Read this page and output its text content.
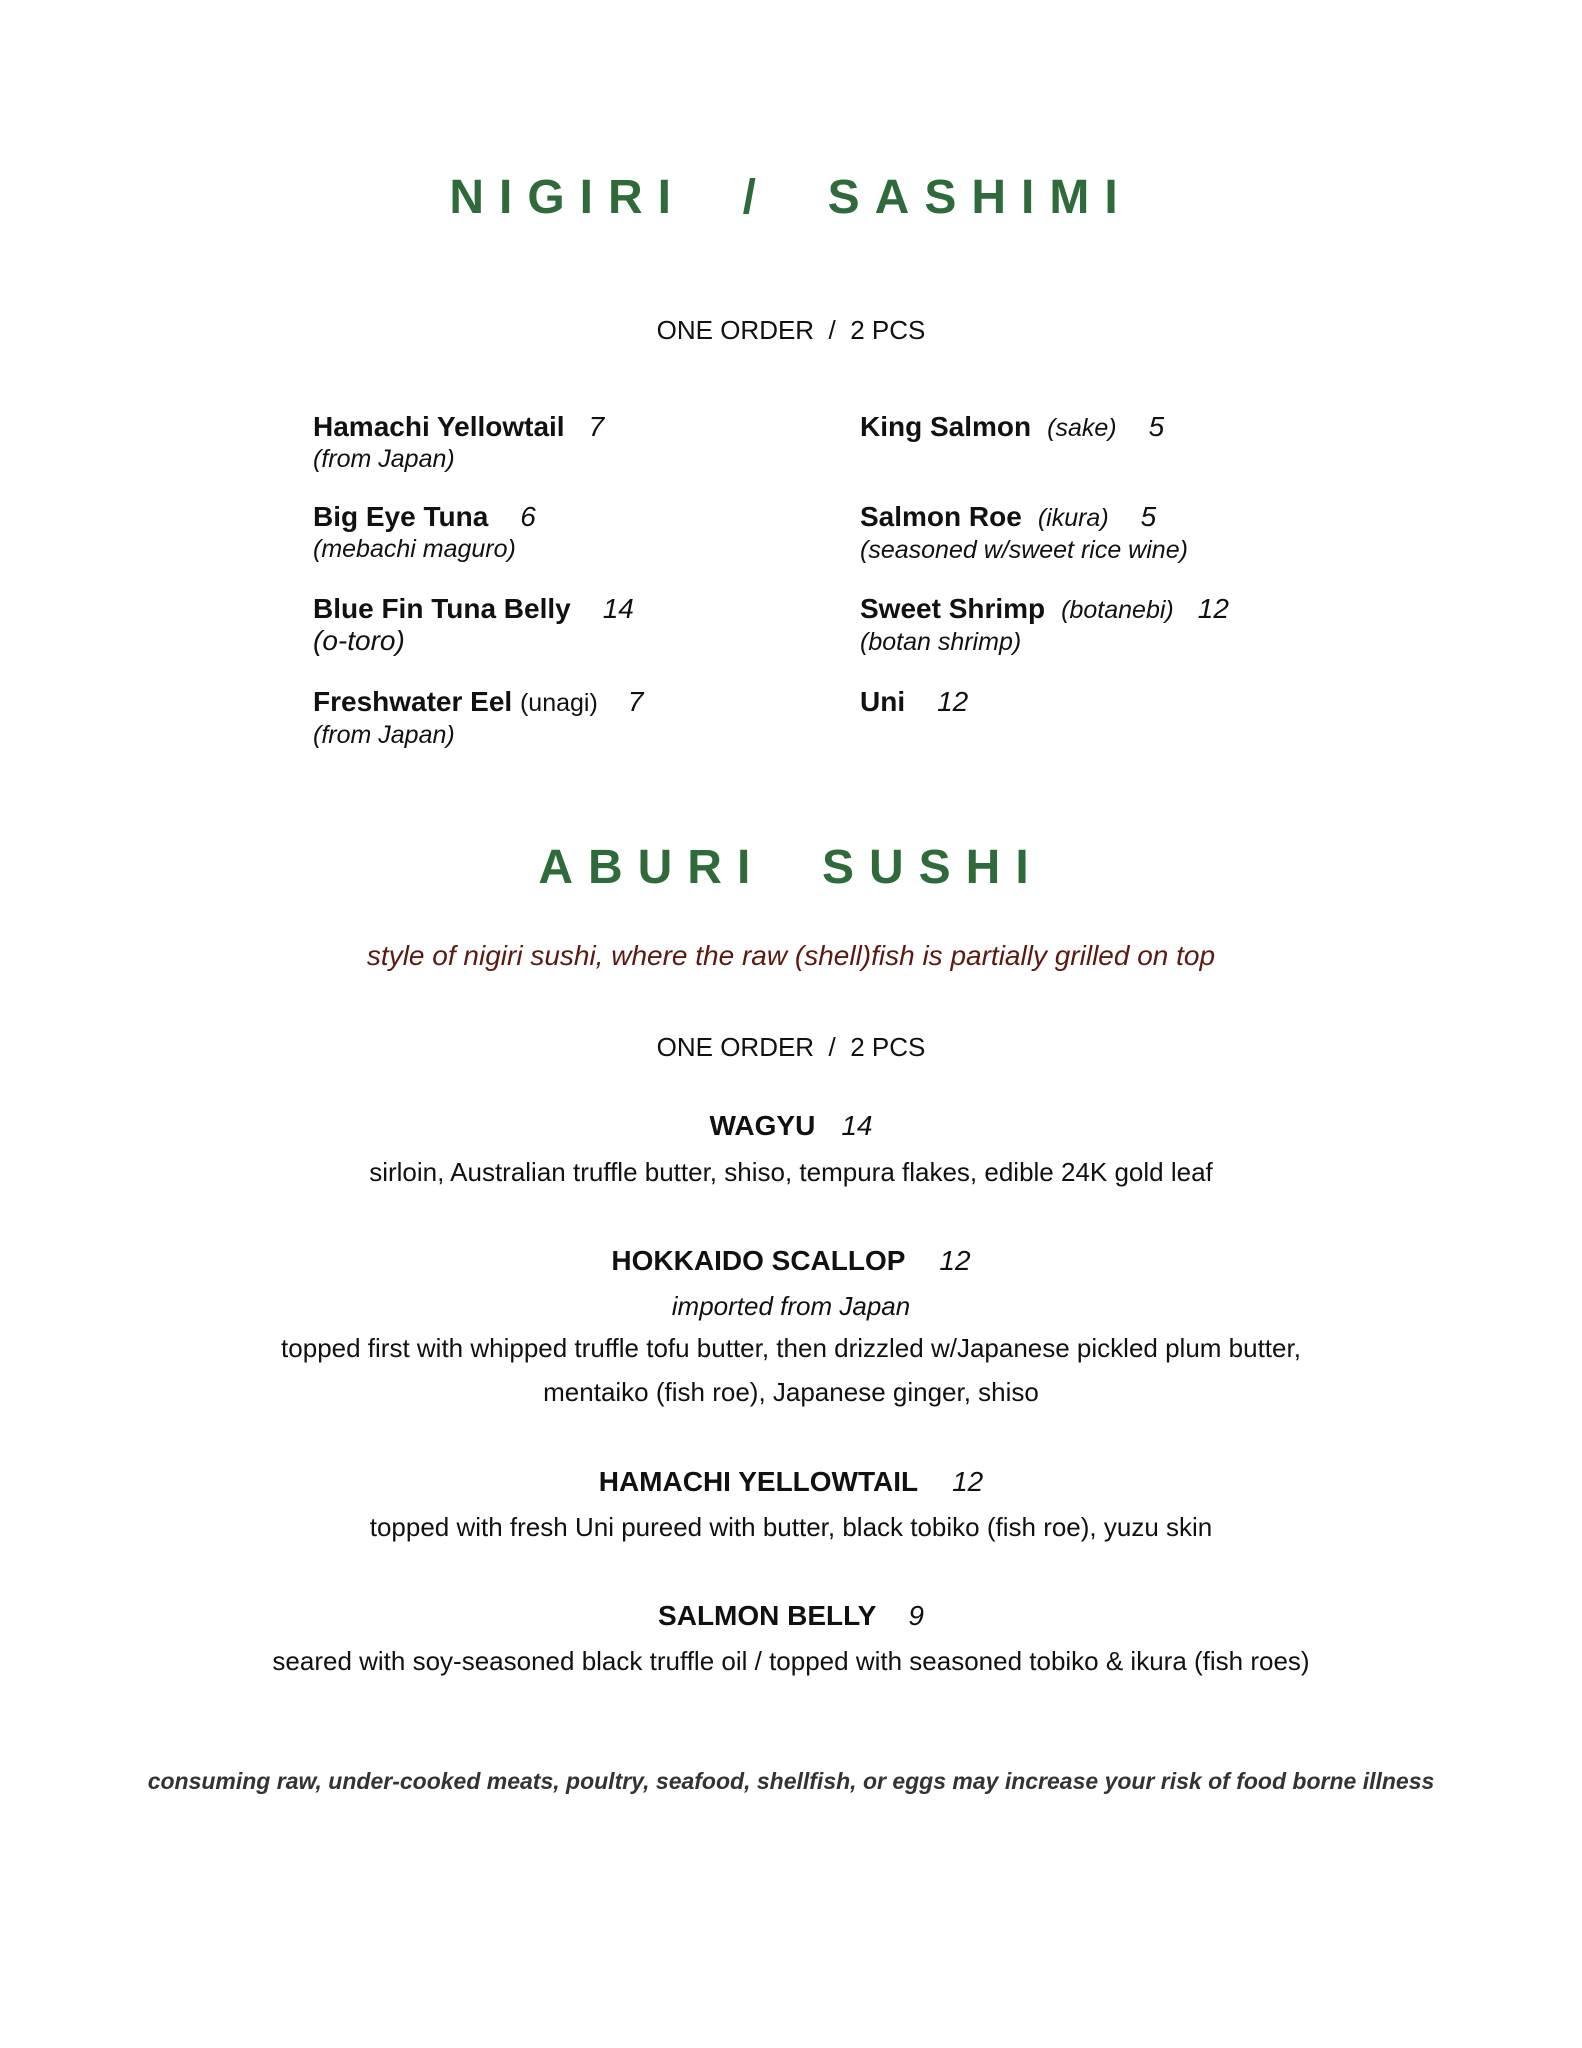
NIGIRI  /  SASHIMI
ONE ORDER  /  2 PCS
Hamachi Yellowtail 7
(from Japan)
Big Eye Tuna 6
(mebachi maguro)
Blue Fin Tuna Belly 14
(o-toro)
Freshwater Eel (unagi) 7
(from Japan)
King Salmon (sake) 5
Salmon Roe (ikura) 5
(seasoned w/sweet rice wine)
Sweet Shrimp (botanebi) 12
(botan shrimp)
Uni 12
ABURI  SUSHI
style of nigiri sushi, where the raw (shell)fish is partially grilled on top
ONE ORDER  /  2 PCS
WAGYU 14
sirloin, Australian truffle butter, shiso, tempura flakes, edible 24K gold leaf
HOKKAIDO SCALLOP 12
imported from Japan
topped first with whipped truffle tofu butter, then drizzled w/Japanese pickled plum butter,
mentaiko (fish roe), Japanese ginger, shiso
HAMACHI YELLOWTAIL 12
topped with fresh Uni pureed with butter, black tobiko (fish roe), yuzu skin
SALMON BELLY 9
seared with soy-seasoned black truffle oil / topped with seasoned tobiko & ikura (fish roes)
consuming raw, under-cooked meats, poultry, seafood, shellfish, or eggs may increase your risk of food borne illness
